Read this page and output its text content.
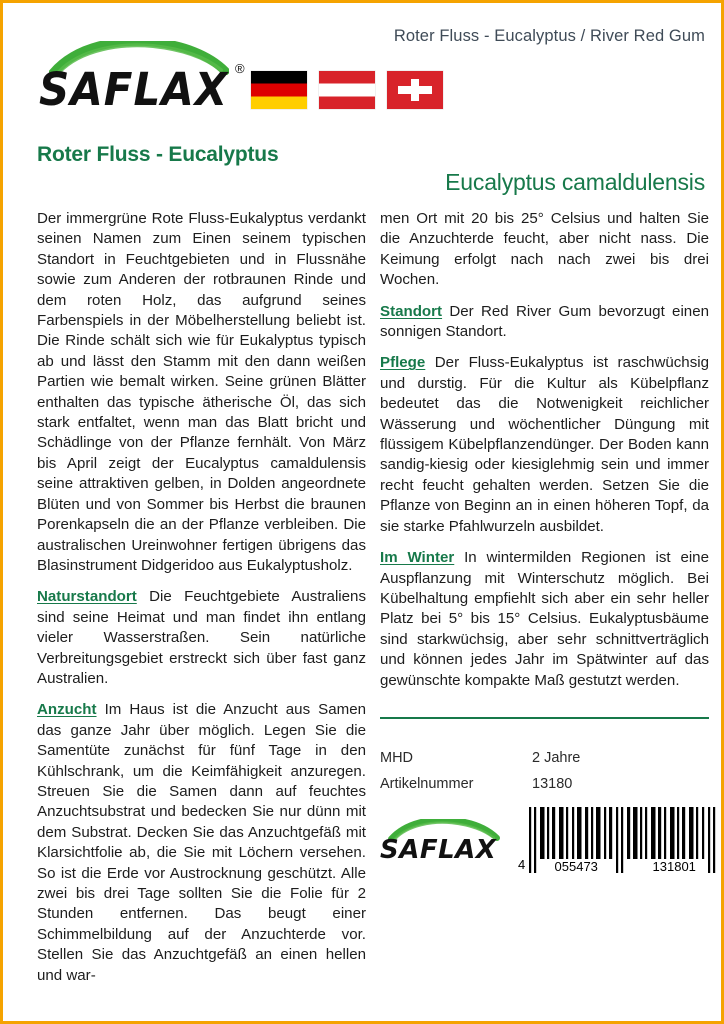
Roter Fluss - Eucalyptus / River Red Gum
SAFLAX ®
Roter Fluss - Eucalyptus
Eucalyptus camaldulensis

Der immergrüne Rote Fluss-Eukalyptus verdankt seinen Namen zum Einen seinem typischen Standort in Feuchtgebieten und in Flussnähe sowie zum Anderen der rotbraunen Rinde und dem roten Holz, das aufgrund seines Farbenspiels in der Möbelherstellung beliebt ist. Die Rinde schält sich wie für Eukalyptus typisch ab und lässt den Stamm mit den dann weißen Partien wie bemalt wirken. Seine grünen Blätter enthalten das typische ätherische Öl, das sich stark entfaltet, wenn man das Blatt bricht und Schädlinge von der Pflanze fernhält. Von März bis April zeigt der Eucalyptus camaldulensis seine attraktiven gelben, in Dolden angeordnete Blüten und von Sommer bis Herbst die braunen Porenkapseln die an der Pflanze verbleiben. Die australischen Ureinwohner fertigen übrigens das Blasinstrument Didgeridoo aus Eukalyptusholz.

Naturstandort Die Feuchtgebiete Australiens sind seine Heimat und man findet ihn entlang vieler Wasserstraßen. Sein natürliche Verbreitungsgebiet erstreckt sich über fast ganz Australien.

Anzucht Im Haus ist die Anzucht aus Samen das ganze Jahr über möglich. Legen Sie die Samentüte zunächst für fünf Tage in den Kühlschrank, um die Keimfähigkeit anzuregen. Streuen Sie die Samen dann auf feuchtes Anzuchtsubstrat und bedecken Sie nur dünn mit dem Substrat. Decken Sie das Anzuchtgefäß mit Klarsichtfolie ab, die Sie mit Löchern versehen. So ist die Erde vor Austrocknung geschützt. Alle zwei bis drei Tage sollten Sie die Folie für 2 Stunden entfernen. Das beugt einer Schimmelbildung auf der Anzuchterde vor. Stellen Sie das Anzuchtgefäß an einen hellen und war-

men Ort mit 20 bis 25° Celsius und halten Sie die Anzuchterde feucht, aber nicht nass. Die Keimung erfolgt nach nach zwei bis drei Wochen.

Standort Der Red River Gum bevorzugt einen sonnigen Standort.

Pflege Der Fluss-Eukalyptus ist raschwüchsig und durstig. Für die Kultur als Kübelpflanz bedeutet das die Notwenigkeit reichlicher Wässerung und wöchentlicher Düngung mit flüssigem Kübelpflanzendünger. Der Boden kann sandig-kiesig oder kiesiglehmig sein und immer recht feucht gehalten werden. Setzen Sie die Pflanze von Beginn an in einen höheren Topf, da sie starke Pfahlwurzeln ausbildet.

Im Winter In wintermilden Regionen ist eine Auspflanzung mit Winterschutz möglich. Bei Kübelhaltung empfiehlt sich aber ein sehr heller Platz bei 5° bis 15° Celsius. Eukalyptusbäume sind starkwüchsig, aber sehr schnittverträglich und können jedes Jahr im Spätwinter auf das gewünschte kompakte Maß gestutzt werden.

MHD	2 Jahre
Artikelnummer	13180
SAFLAX 4 055473	131801
